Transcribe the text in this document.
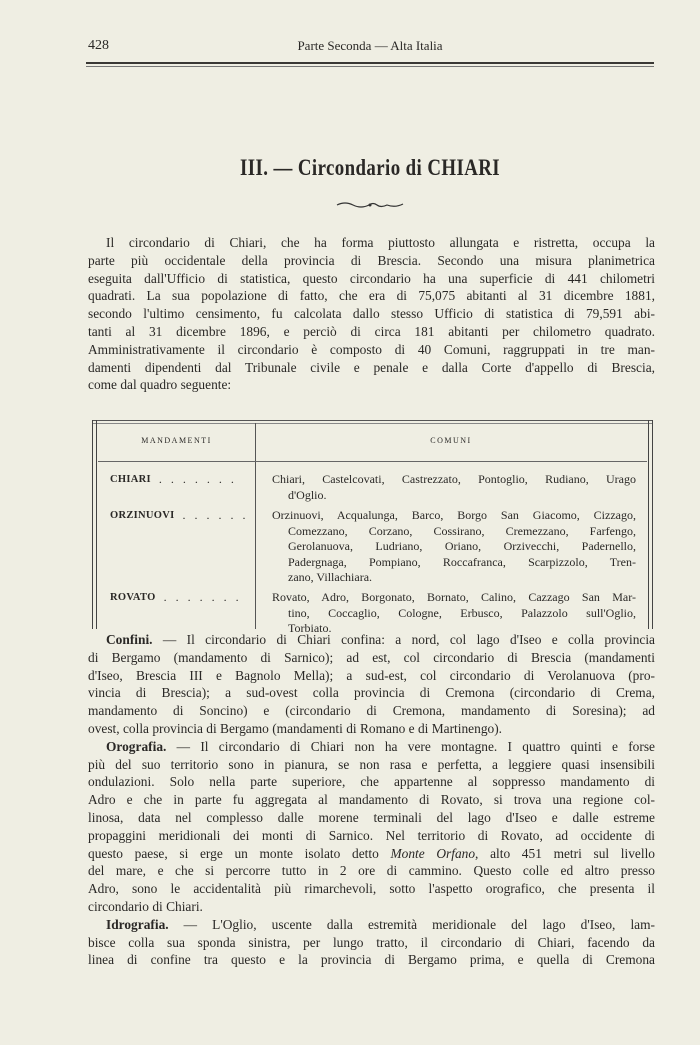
428	Parte Seconda — Alta Italia
III. — Circondario di CHIARI
Il circondario di Chiari, che ha forma piuttosto allungata e ristretta, occupa la
parte più occidentale della provincia di Brescia. Secondo una misura planimetrica
eseguita dall'Ufficio di statistica, questo circondario ha una superficie di 441 chilometri
quadrati. La sua popolazione di fatto, che era di 75,075 abitanti al 31 dicembre 1881,
secondo l'ultimo censimento, fu calcolata dallo stesso Ufficio di statistica di 79,591 abi-
tanti al 31 dicembre 1896, e perciò di circa 181 abitanti per chilometro quadrato.
Amministrativamente il circondario è composto di 40 Comuni, raggruppati in tre man-
damenti dipendenti dal Tribunale civile e penale e dalla Corte d'appello di Brescia,
come dal quadro seguente:
MANDAMENTI	COMUNI
CHIARI . . . . . . .	Chiari, Castelcovati, Castrezzato, Pontoglio, Rudiano, Urago
d'Oglio.
ORZINUOVI . . . . . . Orzinuovi, Acqualunga, Barco, Borgo San Giacomo, Cizzago,
Comezzano, Corzano, Cossirano, Cremezzano, Farfengo,
Gerolanuova, Ludriano, Oriano, Orzivecchi, Padernello,
Padergnaga, Pompiano, Roccafranca, Scarpizzolo, Tren-
zano, Villachiara.
ROVATO . . . . . . .	Rovato, Adro, Borgonato, Bornato, Calino, Cazzago San Mar-
tino, Coccaglio, Cologne, Erbusco, Palazzolo sull'Oglio,
Torbiato.
Confini. — Il circondario di Chiari confina: a nord, col lago d'Iseo e colla provincia
di Bergamo (mandamento di Sarnico); ad est, col circondario di Brescia (mandamenti
d'Iseo, Brescia III e Bagnolo Mella); a sud-est, col circondario di Verolanuova (pro-
vincia di Brescia); a sud-ovest colla provincia di Cremona (circondario di Crema,
mandamento di Soncino) e (circondario di Cremona, mandamento di Soresina); ad
ovest, colla provincia di Bergamo (mandamenti di Romano e di Martinengo).
Orografia. — Il circondario di Chiari non ha vere montagne. I quattro quinti e forse
più del suo territorio sono in pianura, se non rasa e perfetta, a leggiere quasi insensibili
ondulazioni. Solo nella parte superiore, che appartenne al soppresso mandamento di
Adro e che in parte fu aggregata al mandamento di Rovato, si trova una regione col-
linosa, data nel complesso dalle morene terminali del lago d'Iseo e dalle estreme
propaggini meridionali dei monti di Sarnico. Nel territorio di Rovato, ad occidente di
questo paese, si erge un monte isolato detto Monte Orfano, alto 451 metri sul livello
del mare, e che si percorre tutto in 2 ore di cammino. Questo colle ed altro presso
Adro, sono le accidentalità più rimarchevoli, sotto l'aspetto orografico, che presenta il
circondario di Chiari.
Idrografia. — L'Oglio, uscente dalla estremità meridionale del lago d'Iseo, lam-
bisce colla sua sponda sinistra, per lungo tratto, il circondario di Chiari, facendo da
linea di confine tra questo e la provincia di Bergamo prima, e quella di Cremona
